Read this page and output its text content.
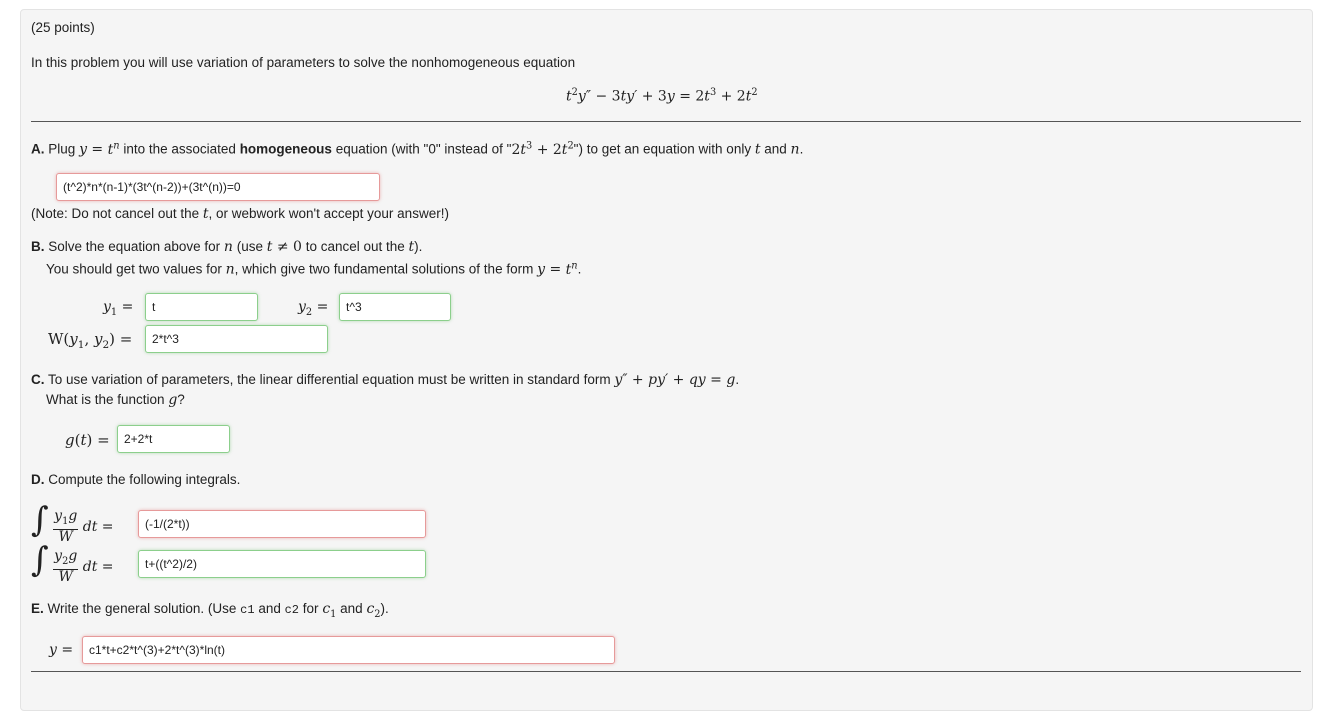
(25 points)
In this problem you will use variation of parameters to solve the nonhomogeneous equation
$t^2y'' - 3ty' + 3y = 2t^3 + 2t^2$
A. Plug $y = t^n$ into the associated homogeneous equation (with "0" instead of "$2t^3$ + $2t^2$") to get an equation with only t and n.
(t^2)*n*(n-1)*(3t^(n-2))+(3t^(n))=0
(Note: Do not cancel out the t, or webwork won't accept your answer!)
B. Solve the equation above for n (use t ≠ 0 to cancel out the t).
You should get two values for n, which give two fundamental solutions of the form $y = t^n$.
$y_1$ =	t	$y_2$ =	t^3
$W(y_1$, $y_2$) =	2*t^3
C. To use variation of parameters, the linear differential equation must be written in standard form y″ + py′ + qy = g.
What is the function g?
g(t) =	2+2*t
D. Compute the following integrals.
∫ $\frac{y_1g}{W}$ dt =	(-1/(2*t))
∫ $\frac{y_2g}{W}$ dt =	t+((t^2)/2)
E. Write the general solution. (Use c1 and c2 for $c_1$ and $c_2$).
y =	c1*t+c2*t^(3)+2*t^(3)*ln(t)
